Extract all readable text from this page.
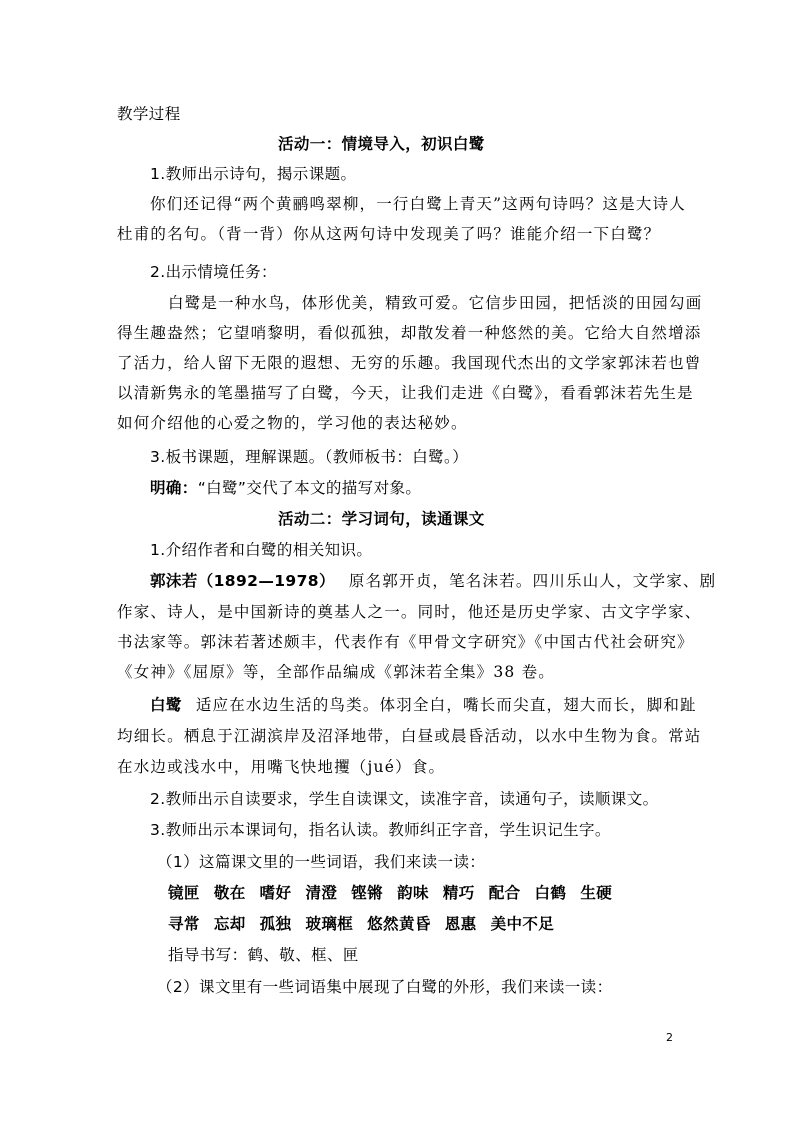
教学过程

活动一：情境导入，初识白鹭

1.教师出示诗句，揭示课题。

你们还记得“两个黄鹂鸣翠柳，一行白鹭上青天”这两句诗吗？这是大诗人

杜甫的名句。（背一背）你从这两句诗中发现美了吗？谁能介绍一下白鹭？

2.出示情境任务：

白鹭是一种水鸟，体形优美，精致可爱。它信步田园，把恬淡的田园勾画

得生趣盎然；它望哨黎明，看似孤独，却散发着一种悠然的美。它给大自然增添

了活力，给人留下无限的遐想、无穷的乐趣。我国现代杰出的文学家郭沫若也曾

以清新隽永的笔墨描写了白鹭，今天，让我们走进《白鹭》，看看郭沫若先生是

如何介绍他的心爱之物的，学习他的表达秘妙。

3.板书课题，理解课题。（教师板书：白鹭。）

明确：“白鹭”交代了本文的描写对象。

活动二：学习词句，读通课文

1.介绍作者和白鹭的相关知识。

郭沫若（1892—1978） 原名郭开贞，笔名沫若。四川乐山人，文学家、剧

作家、诗人，是中国新诗的奠基人之一。同时，他还是历史学家、古文字学家、

书法家等。郭沫若著述颇丰，代表作有《甲骨文字研究》《中国古代社会研究》

《女神》《屈原》等，全部作品编成《郭沫若全集》38 卷。

白鹭 适应在水边生活的鸟类。体羽全白，嘴长而尖直，翅大而长，脚和趾

均细长。栖息于江湖滨岸及沼泽地带，白昼或晨昏活动，以水中生物为食。常站

在水边或浅水中，用嘴飞快地攫（jué）食。

2.教师出示自读要求，学生自读课文，读准字音，读通句子，读顺课文。

3.教师出示本课词句，指名认读。教师纠正字音，学生识记生字。

（1）这篇课文里的一些词语，我们来读一读：

镜匣 敬在 嗜好 清澄 铿锵 韵味 精巧 配合 白鹤 生硬

寻常 忘却 孤独 玻璃框 悠然黄昏 恩惠 美中不足

指导书写：鹤、敬、框、匣

（2）课文里有一些词语集中展现了白鹭的外形，我们来读一读：

2
